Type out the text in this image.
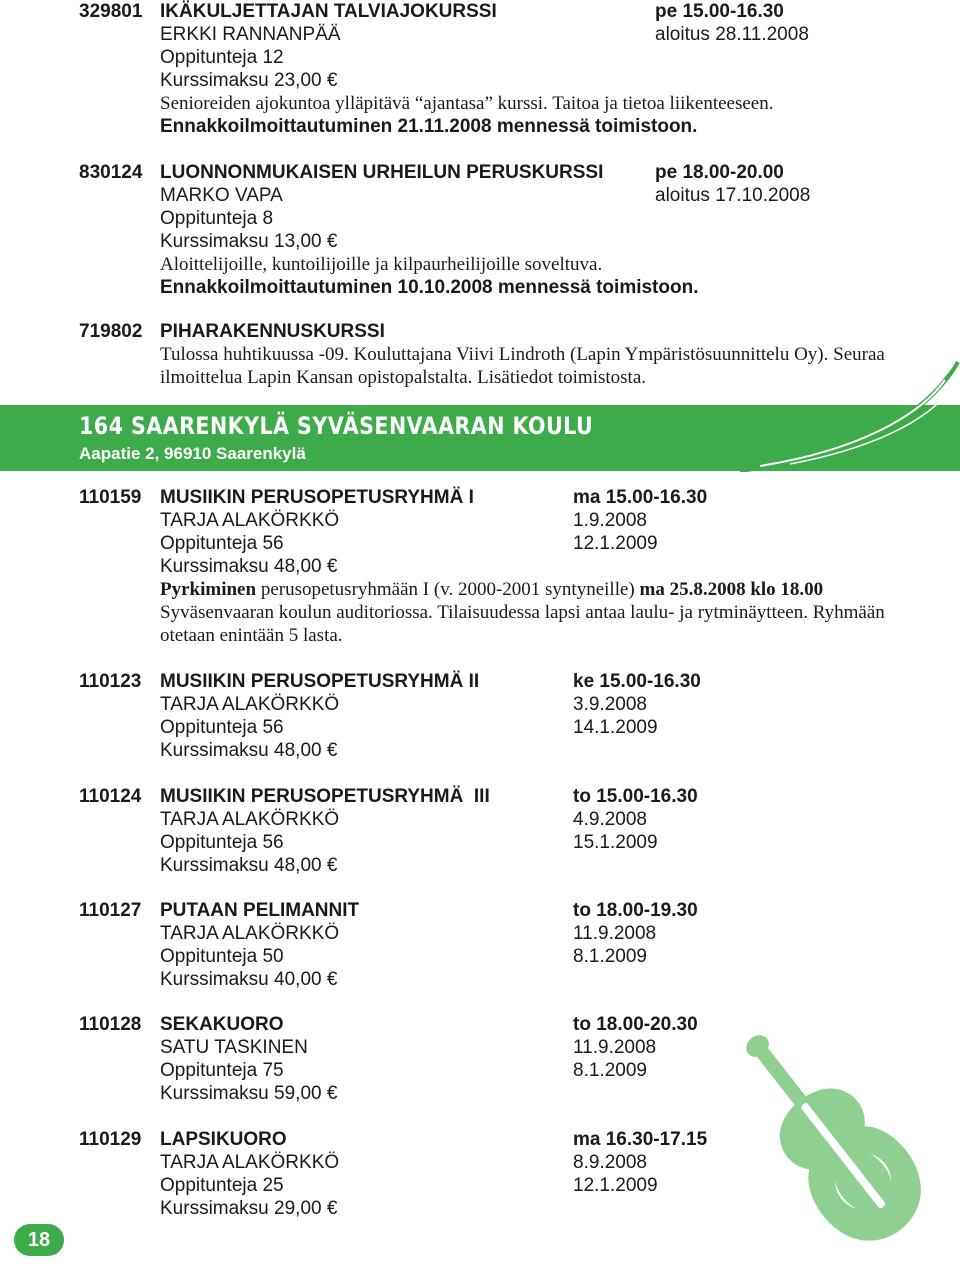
329801 IKÄKULJETTAJAN TALVIAJOKURSSI	pe 15.00-16.30
ERKKI RANNANPÄÄ	aloitus 28.11.2008
Oppitunteja 12
Kurssimaksu 23,00 €
Senioreiden ajokuntoa ylläpitävä “ajantasa” kurssi. Taitoa ja tietoa liikenteeseen.
Ennakkoilmoittautuminen 21.11.2008 mennessä toimistoon.
830124 LUONNONMUKAISEN URHEILUN PERUSKURSSI	pe 18.00-20.00
MARKO VAPA	aloitus 17.10.2008
Oppitunteja 8
Kurssimaksu 13,00 €
Aloittelijoille, kuntoilijoille ja kilpaurheilijoille soveltuva.
Ennakkoilmoittautuminen 10.10.2008 mennessä toimistoon.
719802 PIHARAKENNUSKURSSI
Tulossa huhtikuussa -09. Kouluttajana Viivi Lindroth (Lapin Ympäristösuunnittelu Oy). Seuraa ilmoittelua Lapin Kansan opistopalstalta. Lisätiedot toimistosta.
164 SAARENKYLÄ SYVÄSENVAARAN KOULU
Aapatie 2, 96910 Saarenkylä
110159 MUSIIKIN PERUSOPETUSRYHMÄ I	ma 15.00-16.30
TARJA ALAKÖRKKÖ	1.9.2008
Oppitunteja 56	12.1.2009
Kurssimaksu 48,00 €
Pyrkiminen perusopetusryhmään I (v. 2000-2001 syntyneille) ma 25.8.2008 klo 18.00 Syväsenvaaran koulun auditoriossa. Tilaisuudessa lapsi antaa laulu- ja rytminäytteen. Ryhmään otetaan enintään 5 lasta.
110123 MUSIIKIN PERUSOPETUSRYHMÄ II	ke 15.00-16.30
TARJA ALAKÖRKKÖ	3.9.2008
Oppitunteja 56	14.1.2009
Kurssimaksu 48,00 €
110124 MUSIIKIN PERUSOPETUSRYHMÄ  III	to 15.00-16.30
TARJA ALAKÖRKKÖ	4.9.2008
Oppitunteja 56	15.1.2009
Kurssimaksu 48,00 €
110127 PUTAAN PELIMANNIT	to 18.00-19.30
TARJA ALAKÖRKKÖ	11.9.2008
Oppitunteja 50	8.1.2009
Kurssimaksu 40,00 €
110128 SEKAKUORO	to 18.00-20.30
SATU TASKINEN	11.9.2008
Oppitunteja 75	8.1.2009
Kurssimaksu 59,00 €
110129 LAPSIKUORO	ma 16.30-17.15
TARJA ALAKÖRKKÖ	8.9.2008
Oppitunteja 25	12.1.2009
Kurssimaksu 29,00 €
18
